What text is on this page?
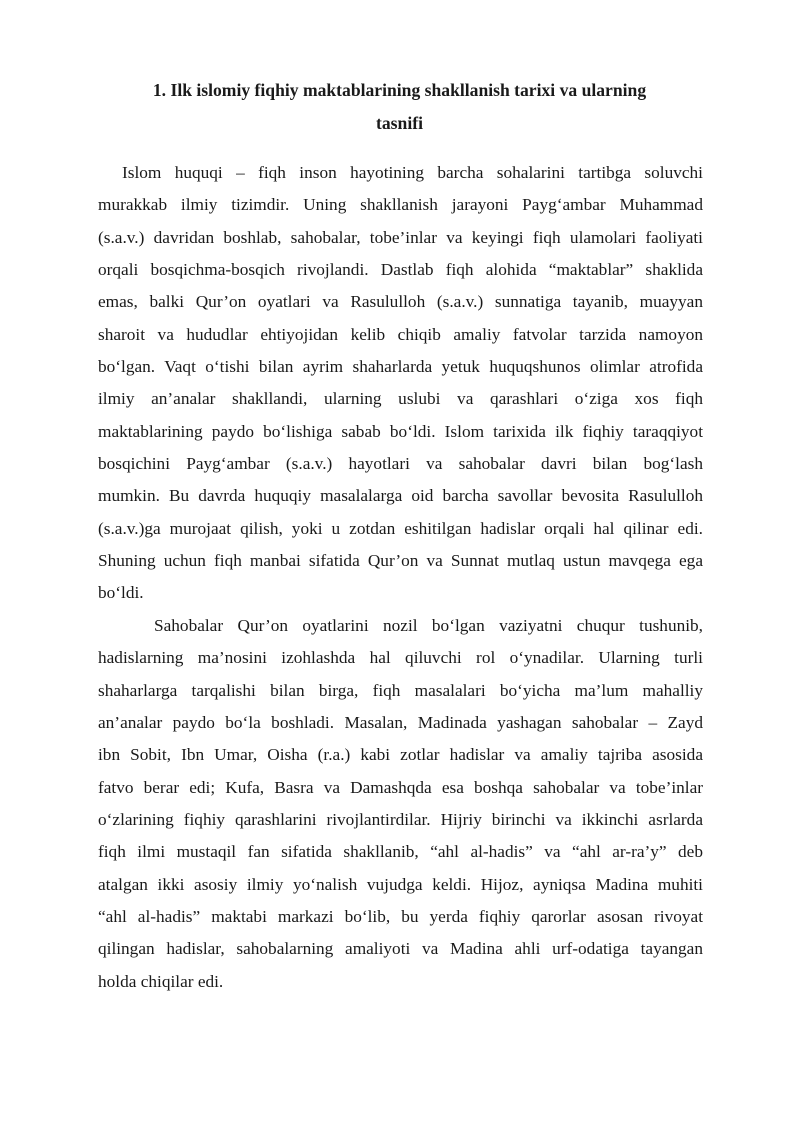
1. Ilk islomiy fiqhiy maktablarining shakllanish tarixi va ularning
tasnifi
Islom huquqi – fiqh inson hayotining barcha sohalarini tartibga soluvchi
murakkab ilmiy tizimdir. Uning shakllanish jarayoni Payg‘ambar Muhammad
(s.a.v.) davridan boshlab, sahobalar, tobe’inlar va keyingi fiqh ulamolari faoliyati
orqali bosqichma-bosqich rivojlandi. Dastlab fiqh alohida “maktablar” shaklida
emas, balki Qur’on oyatlari va Rasululloh (s.a.v.) sunnatiga tayanib, muayyan
sharoit va hududlar ehtiyojidan kelib chiqib amaliy fatvolar tarzida namoyon
bo‘lgan. Vaqt o‘tishi bilan ayrim shaharlarda yetuk huquqshunos olimlar atrofida
ilmiy an’analar shakllandi, ularning uslubi va qarashlari o‘ziga xos fiqh
maktablarining paydo bo‘lishiga sabab bo‘ldi. Islom tarixida ilk fiqhiy taraqqiyot
bosqichini Payg‘ambar (s.a.v.) hayotlari va sahobalar davri bilan bog‘lash
mumkin. Bu davrda huquqiy masalalarga oid barcha savollar bevosita Rasululloh
(s.a.v.)ga murojaat qilish, yoki u zotdan eshitilgan hadislar orqali hal qilinar edi.
Shuning uchun fiqh manbai sifatida Qur’on va Sunnat mutlaq ustun mavqega ega
bo‘ldi.
Sahobalar Qur’on oyatlarini nozil bo‘lgan vaziyatni chuqur tushunib,
hadislarning ma’nosini izohlashda hal qiluvchi rol o‘ynadilar. Ularning turli
shaharlarga tarqalishi bilan birga, fiqh masalalari bo‘yicha ma’lum mahalliy
an’analar paydo bo‘la boshladi. Masalan, Madinada yashagan sahobalar – Zayd
ibn Sobit, Ibn Umar, Oisha (r.a.) kabi zotlar hadislar va amaliy tajriba asosida
fatvo berar edi; Kufa, Basra va Damashqda esa boshqa sahobalar va tobe’inlar
o‘zlarining fiqhiy qarashlarini rivojlantirdilar. Hijriy birinchi va ikkinchi asrlarda
fiqh ilmi mustaqil fan sifatida shakllanib, “ahl al-hadis” va “ahl ar-ra’y” deb
atalgan ikki asosiy ilmiy yo‘nalish vujudga keldi. Hijoz, ayniqsa Madina muhiti
“ahl al-hadis” maktabi markazi bo‘lib, bu yerda fiqhiy qarorlar asosan rivoyat
qilingan hadislar, sahobalarning amaliyoti va Madina ahli urf-odatiga tayangan
holda chiqilar edi.
